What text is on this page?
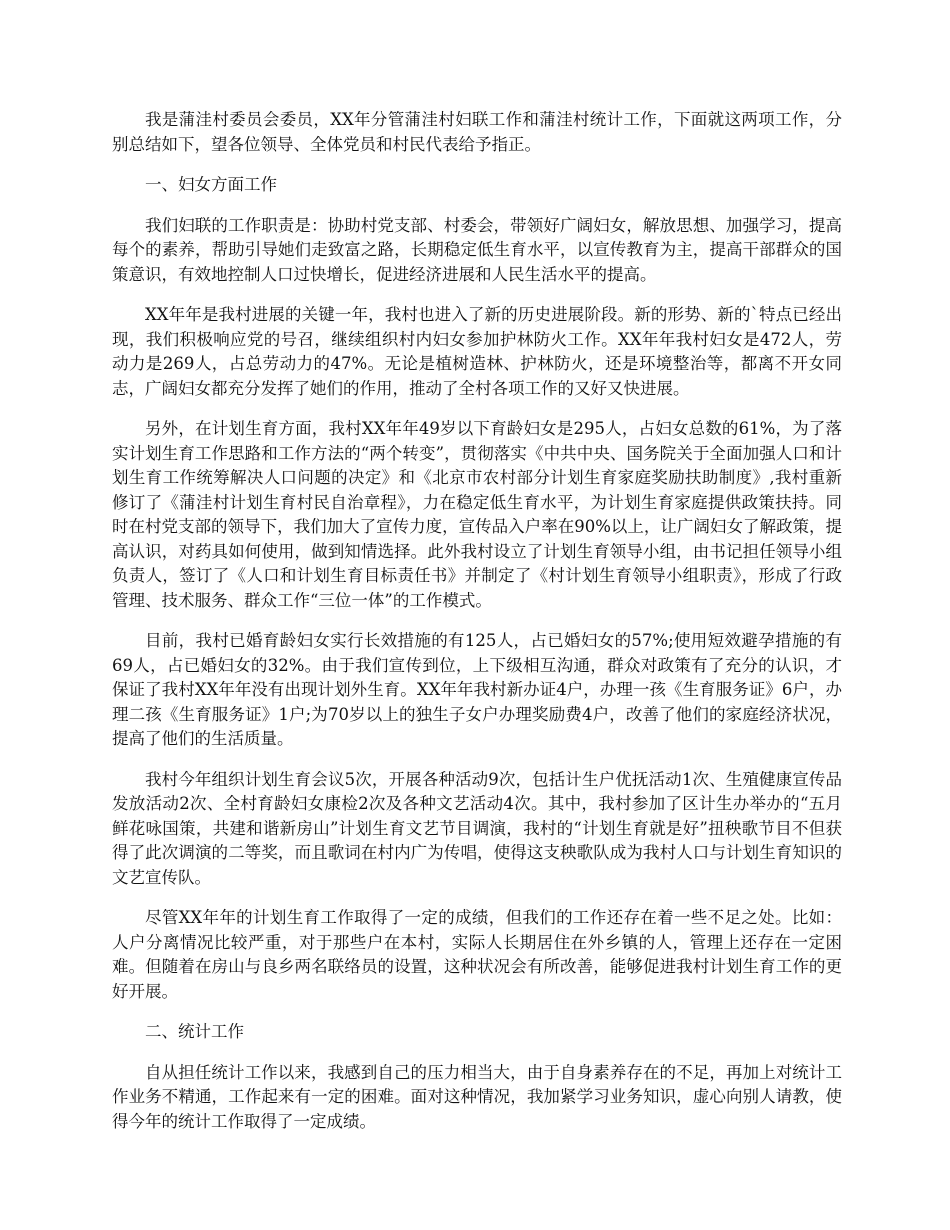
我是蒲洼村委员会委员，XX年分管蒲洼村妇联工作和蒲洼村统计工作，下面就这两项工作，分别总结如下，望各位领导、全体党员和村民代表给予指正。

一、妇女方面工作

我们妇联的工作职责是：协助村党支部、村委会，带领好广阔妇女，解放思想、加强学习，提高每个的素养，帮助引导她们走致富之路，长期稳定低生育水平，以宣传教育为主，提高干部群众的国策意识，有效地控制人口过快增长，促进经济进展和人民生活水平的提高。

XX年年是我村进展的关键一年，我村也进入了新的历史进展阶段。新的形势、新的`特点已经出现，我们积极响应党的号召，继续组织村内妇女参加护林防火工作。XX年年我村妇女是472人，劳动力是269人，占总劳动力的47%。无论是植树造林、护林防火，还是环境整治等，都离不开女同志，广阔妇女都充分发挥了她们的作用，推动了全村各项工作的又好又快进展。

另外，在计划生育方面，我村XX年年49岁以下育龄妇女是295人，占妇女总数的61%，为了落实计划生育工作思路和工作方法的“两个转变”，贯彻落实《中共中央、国务院关于全面加强人口和计划生育工作统筹解决人口问题的决定》和《北京市农村部分计划生育家庭奖励扶助制度》,我村重新修订了《蒲洼村计划生育村民自治章程》，力在稳定低生育水平，为计划生育家庭提供政策扶持。同时在村党支部的领导下，我们加大了宣传力度，宣传品入户率在90%以上，让广阔妇女了解政策，提高认识，对药具如何使用，做到知情选择。此外我村设立了计划生育领导小组，由书记担任领导小组负责人，签订了《人口和计划生育目标责任书》并制定了《村计划生育领导小组职责》，形成了行政管理、技术服务、群众工作“三位一体”的工作模式。

目前，我村已婚育龄妇女实行长效措施的有125人，占已婚妇女的57%;使用短效避孕措施的有69人，占已婚妇女的32%。由于我们宣传到位，上下级相互沟通，群众对政策有了充分的认识，才保证了我村XX年年没有出现计划外生育。XX年年我村新办证4户，办理一孩《生育服务证》6户，办理二孩《生育服务证》1户;为70岁以上的独生子女户办理奖励费4户，改善了他们的家庭经济状况，提高了他们的生活质量。

我村今年组织计划生育会议5次，开展各种活动9次，包括计生户优抚活动1次、生殖健康宣传品发放活动2次、全村育龄妇女康检2次及各种文艺活动4次。其中，我村参加了区计生办举办的“五月鲜花咏国策，共建和谐新房山”计划生育文艺节目调演，我村的“计划生育就是好”扭秧歌节目不但获得了此次调演的二等奖，而且歌词在村内广为传唱，使得这支秧歌队成为我村人口与计划生育知识的文艺宣传队。

尽管XX年年的计划生育工作取得了一定的成绩，但我们的工作还存在着一些不足之处。比如：人户分离情况比较严重，对于那些户在本村，实际人长期居住在外乡镇的人，管理上还存在一定困难。但随着在房山与良乡两名联络员的设置，这种状况会有所改善，能够促进我村计划生育工作的更好开展。

二、统计工作

自从担任统计工作以来，我感到自己的压力相当大，由于自身素养存在的不足，再加上对统计工作业务不精通，工作起来有一定的困难。面对这种情况，我加紧学习业务知识，虚心向别人请教，使得今年的统计工作取得了一定成绩。
